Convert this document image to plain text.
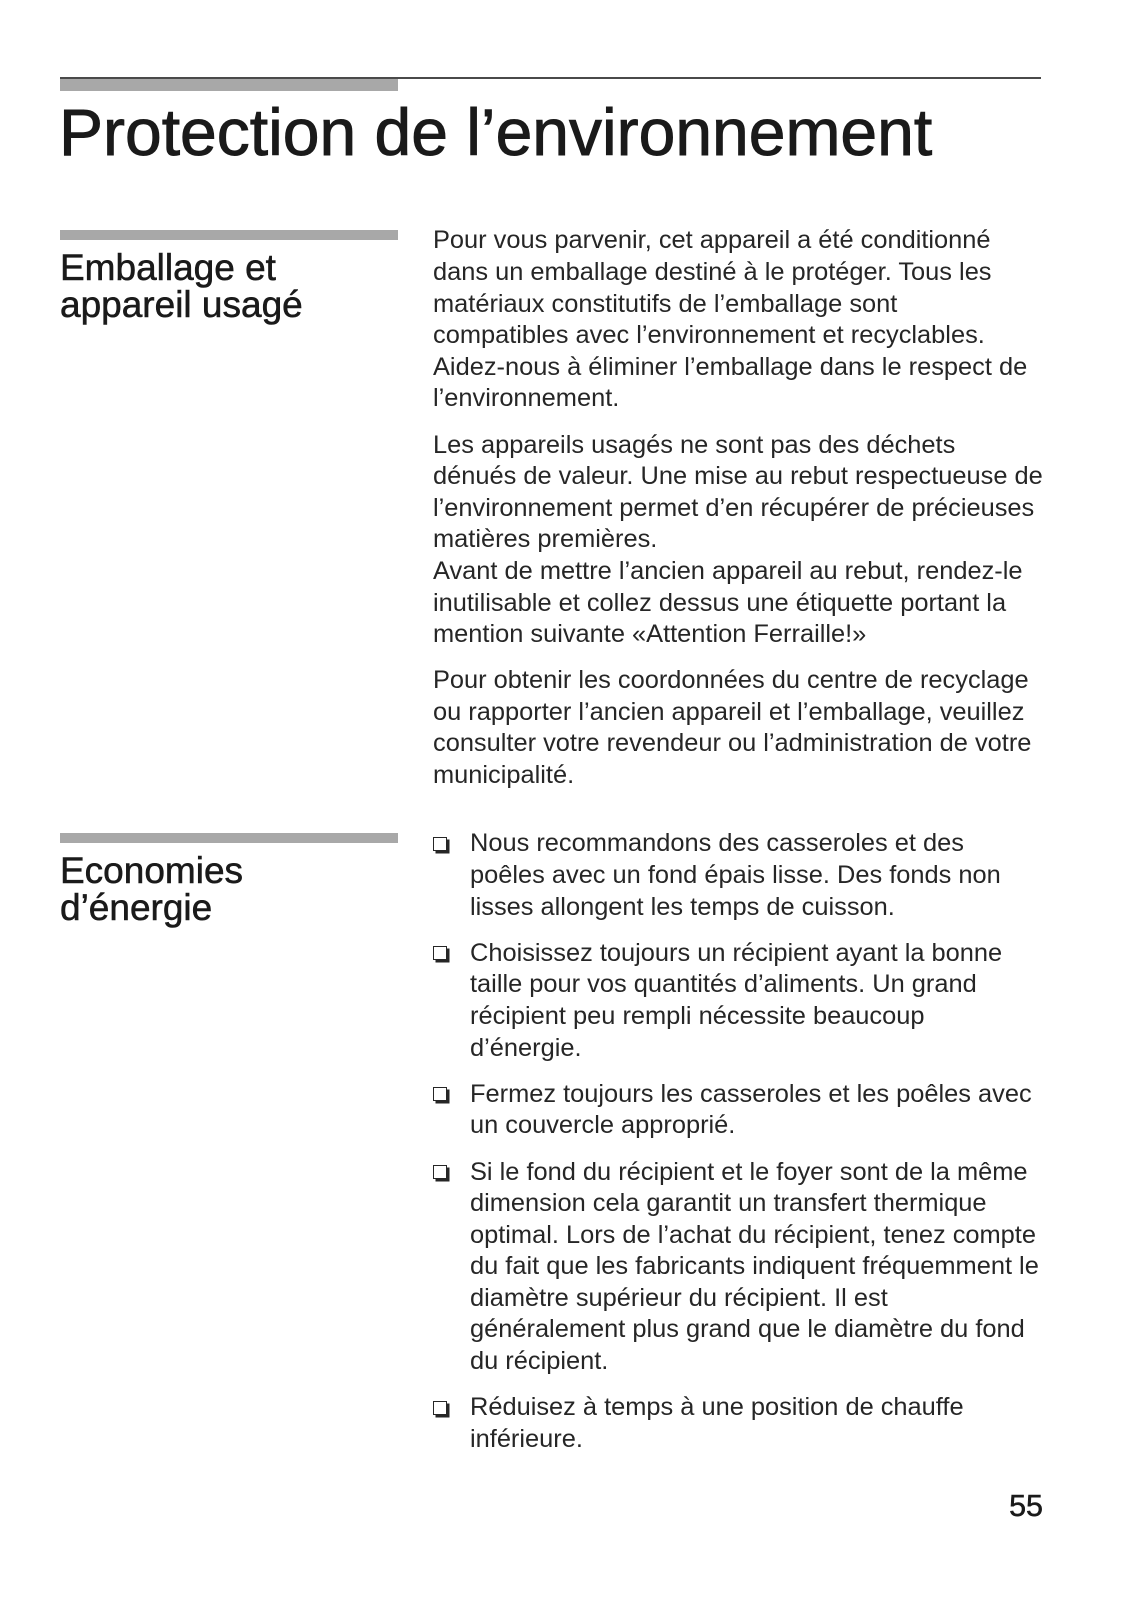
Protection de l’environnement
Emballage et
appareil usagé

Pour vous parvenir, cet appareil a été conditionné
dans un emballage destiné à le protéger. Tous les
matériaux constitutifs de l’emballage sont
compatibles avec l’environnement et recyclables.
Aidez-nous à éliminer l’emballage dans le respect de
l’environnement.

Les appareils usagés ne sont pas des déchets
dénués de valeur. Une mise au rebut respectueuse de
l’environnement permet d’en récupérer de précieuses
matières premières.
Avant de mettre l’ancien appareil au rebut, rendez-le
inutilisable et collez dessus une étiquette portant la
mention suivante «Attention Ferraille!»

Pour obtenir les coordonnées du centre de recyclage
ou rapporter l’ancien appareil et l’emballage, veuillez
consulter votre revendeur ou l’administration de votre
municipalité.

Economies
d’énergie
Nous recommandons des casseroles et des
poêles avec un fond épais lisse. Des fonds non
lisses allongent les temps de cuisson.
Choisissez toujours un récipient ayant la bonne
taille pour vos quantités d’aliments. Un grand
récipient peu rempli nécessite beaucoup
d’énergie.
Fermez toujours les casseroles et les poêles avec
un couvercle approprié.
Si le fond du récipient et le foyer sont de la même
dimension cela garantit un transfert thermique
optimal. Lors de l’achat du récipient, tenez compte
du fait que les fabricants indiquent fréquemment le
diamètre supérieur du récipient. Il est
généralement plus grand que le diamètre du fond
du récipient.
Réduisez à temps à une position de chauffe
inférieure.
55
